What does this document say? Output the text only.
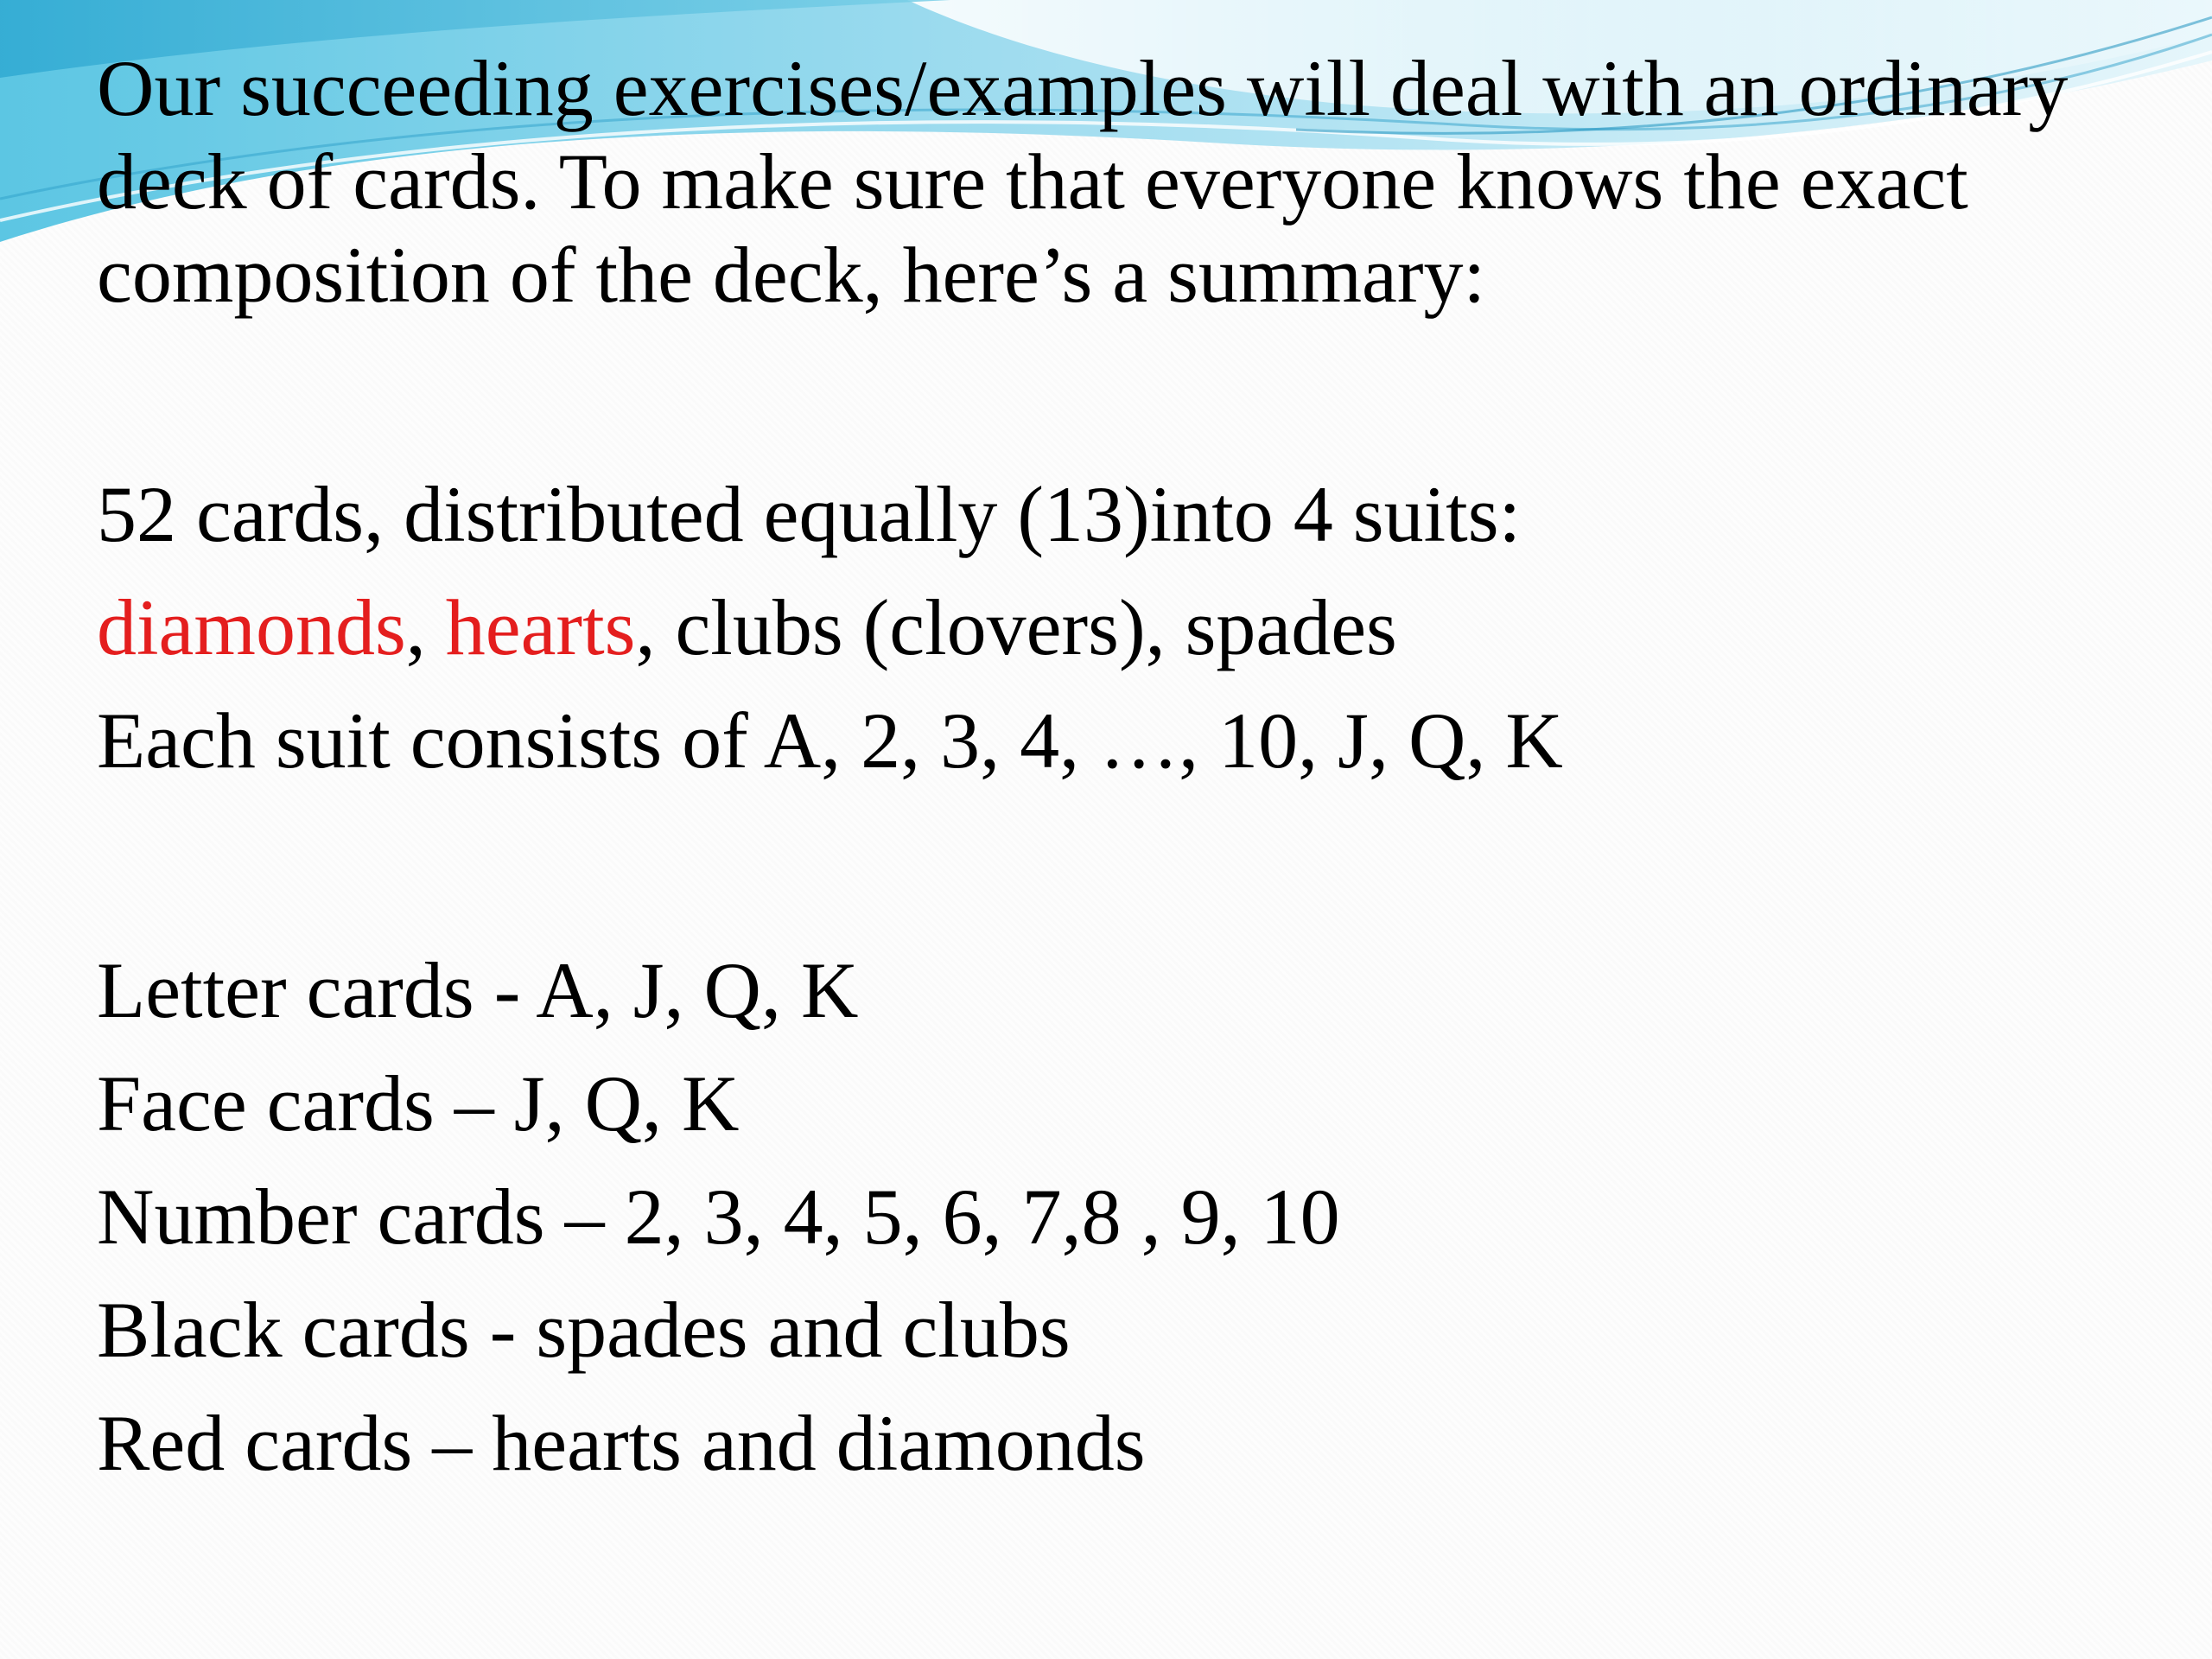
Our succeeding exercises/examples will deal with an ordinary deck of cards. To make sure that everyone knows the exact composition of the deck, here’s a summary:

52 cards, distributed equally (13)into 4 suits:

diamonds, hearts, clubs (clovers), spades

Each suit consists of A, 2, 3, 4, …, 10, J, Q, K

Letter cards - A, J, Q, K

Face cards – J, Q, K

Number cards – 2, 3, 4, 5, 6, 7,8 , 9, 10

Black cards - spades and clubs

Red cards – hearts and diamonds
